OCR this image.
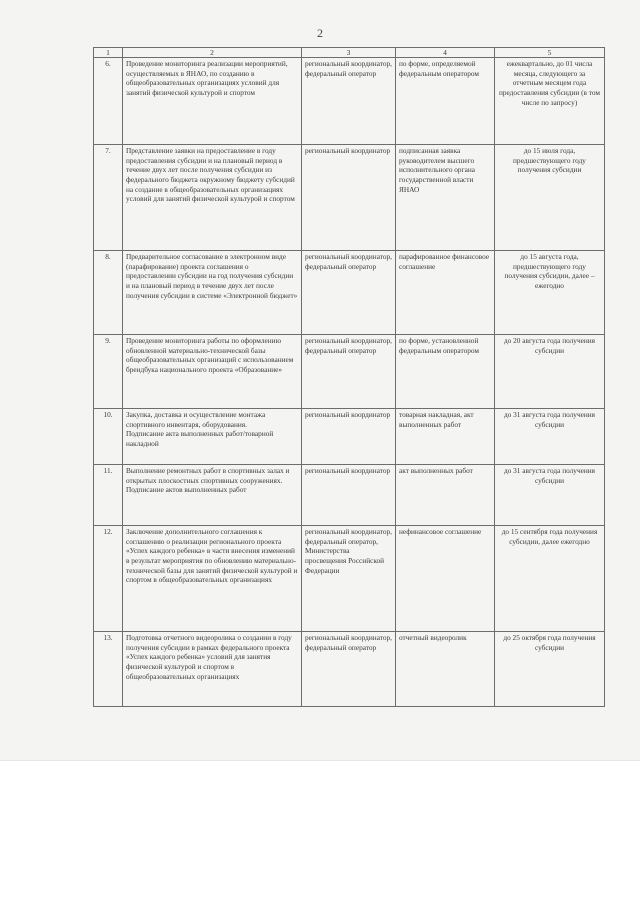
2
1	2	3	4	5
6.	Проведение мониторинга реализации мероприятий, осуществляемых в ЯНАО, по созданию в общеобразовательных организациях условий для занятий физической культурой и спортом	региональный координатор, федеральный оператор	по форме, определяемой федеральным оператором	ежеквартально, до 01 числа месяца, следующего за отчетным месяцем года предоставления субсидии (в том числе по запросу)
7.	Представление заявки на предоставление в году предоставления субсидии и на плановый период в течение двух лет после получения субсидии из федерального бюджета окружному бюджету субсидий на создание в общеобразовательных организациях условий для занятий физической культурой и спортом	региональный координатор	подписанная заявка руководителем высшего исполнительного органа государственной власти ЯНАО	до 15 июля года, предшествующего году получения субсидии
8.	Предварительное согласование в электронном виде (парафирование) проекта соглашения о предоставлении субсидии на год получения субсидии и на плановый период в течение двух лет после получения субсидии в системе «Электронной бюджет»	региональный координатор, федеральный оператор	парафированное финансовое соглашение	до 15 августа года, предшествующего году получения субсидии, далее – ежегодно
9.	Проведение мониторинга работы по оформлению обновленной материально-технической базы общеобразовательных организаций с использованием брендбука национального проекта «Образование»	региональный координатор, федеральный оператор	по форме, установленной федеральным оператором	до 20 августа года получения субсидии
10.	Закупка, доставка и осуществление монтажа спортивного инвентаря, оборудования.
Подписание акта выполненных работ/товарной накладной	региональный координатор	товарная накладная, акт выполненных работ	до 31 августа года получения субсидии
11.	Выполнение ремонтных работ в спортивных залах и открытых плоскостных спортивных сооружениях.
Подписание актов выполненных работ	региональный координатор	акт выполненных работ	до 31 августа года получения субсидии
12.	Заключение дополнительного соглашения к соглашению о реализации регионального проекта «Успех каждого ребенка» в части внесения изменений в результат мероприятия по обновлению материально-технической базы для занятий физической культурой и спортом в общеобразовательных организациях	региональный координатор, федеральный оператор, Министерства просвещения Российской Федерации	нефинансовое соглашение	до 15 сентября года получения субсидии, далее ежегодно
13.	Подготовка отчетного видеоролика о создании в году получения субсидии в рамках федерального проекта «Успех каждого ребенка» условий для занятия физической культурой и спортом в общеобразовательных организациях	региональный координатор, федеральный оператор	отчетный видеоролик	до 25 октября года получения субсидии
